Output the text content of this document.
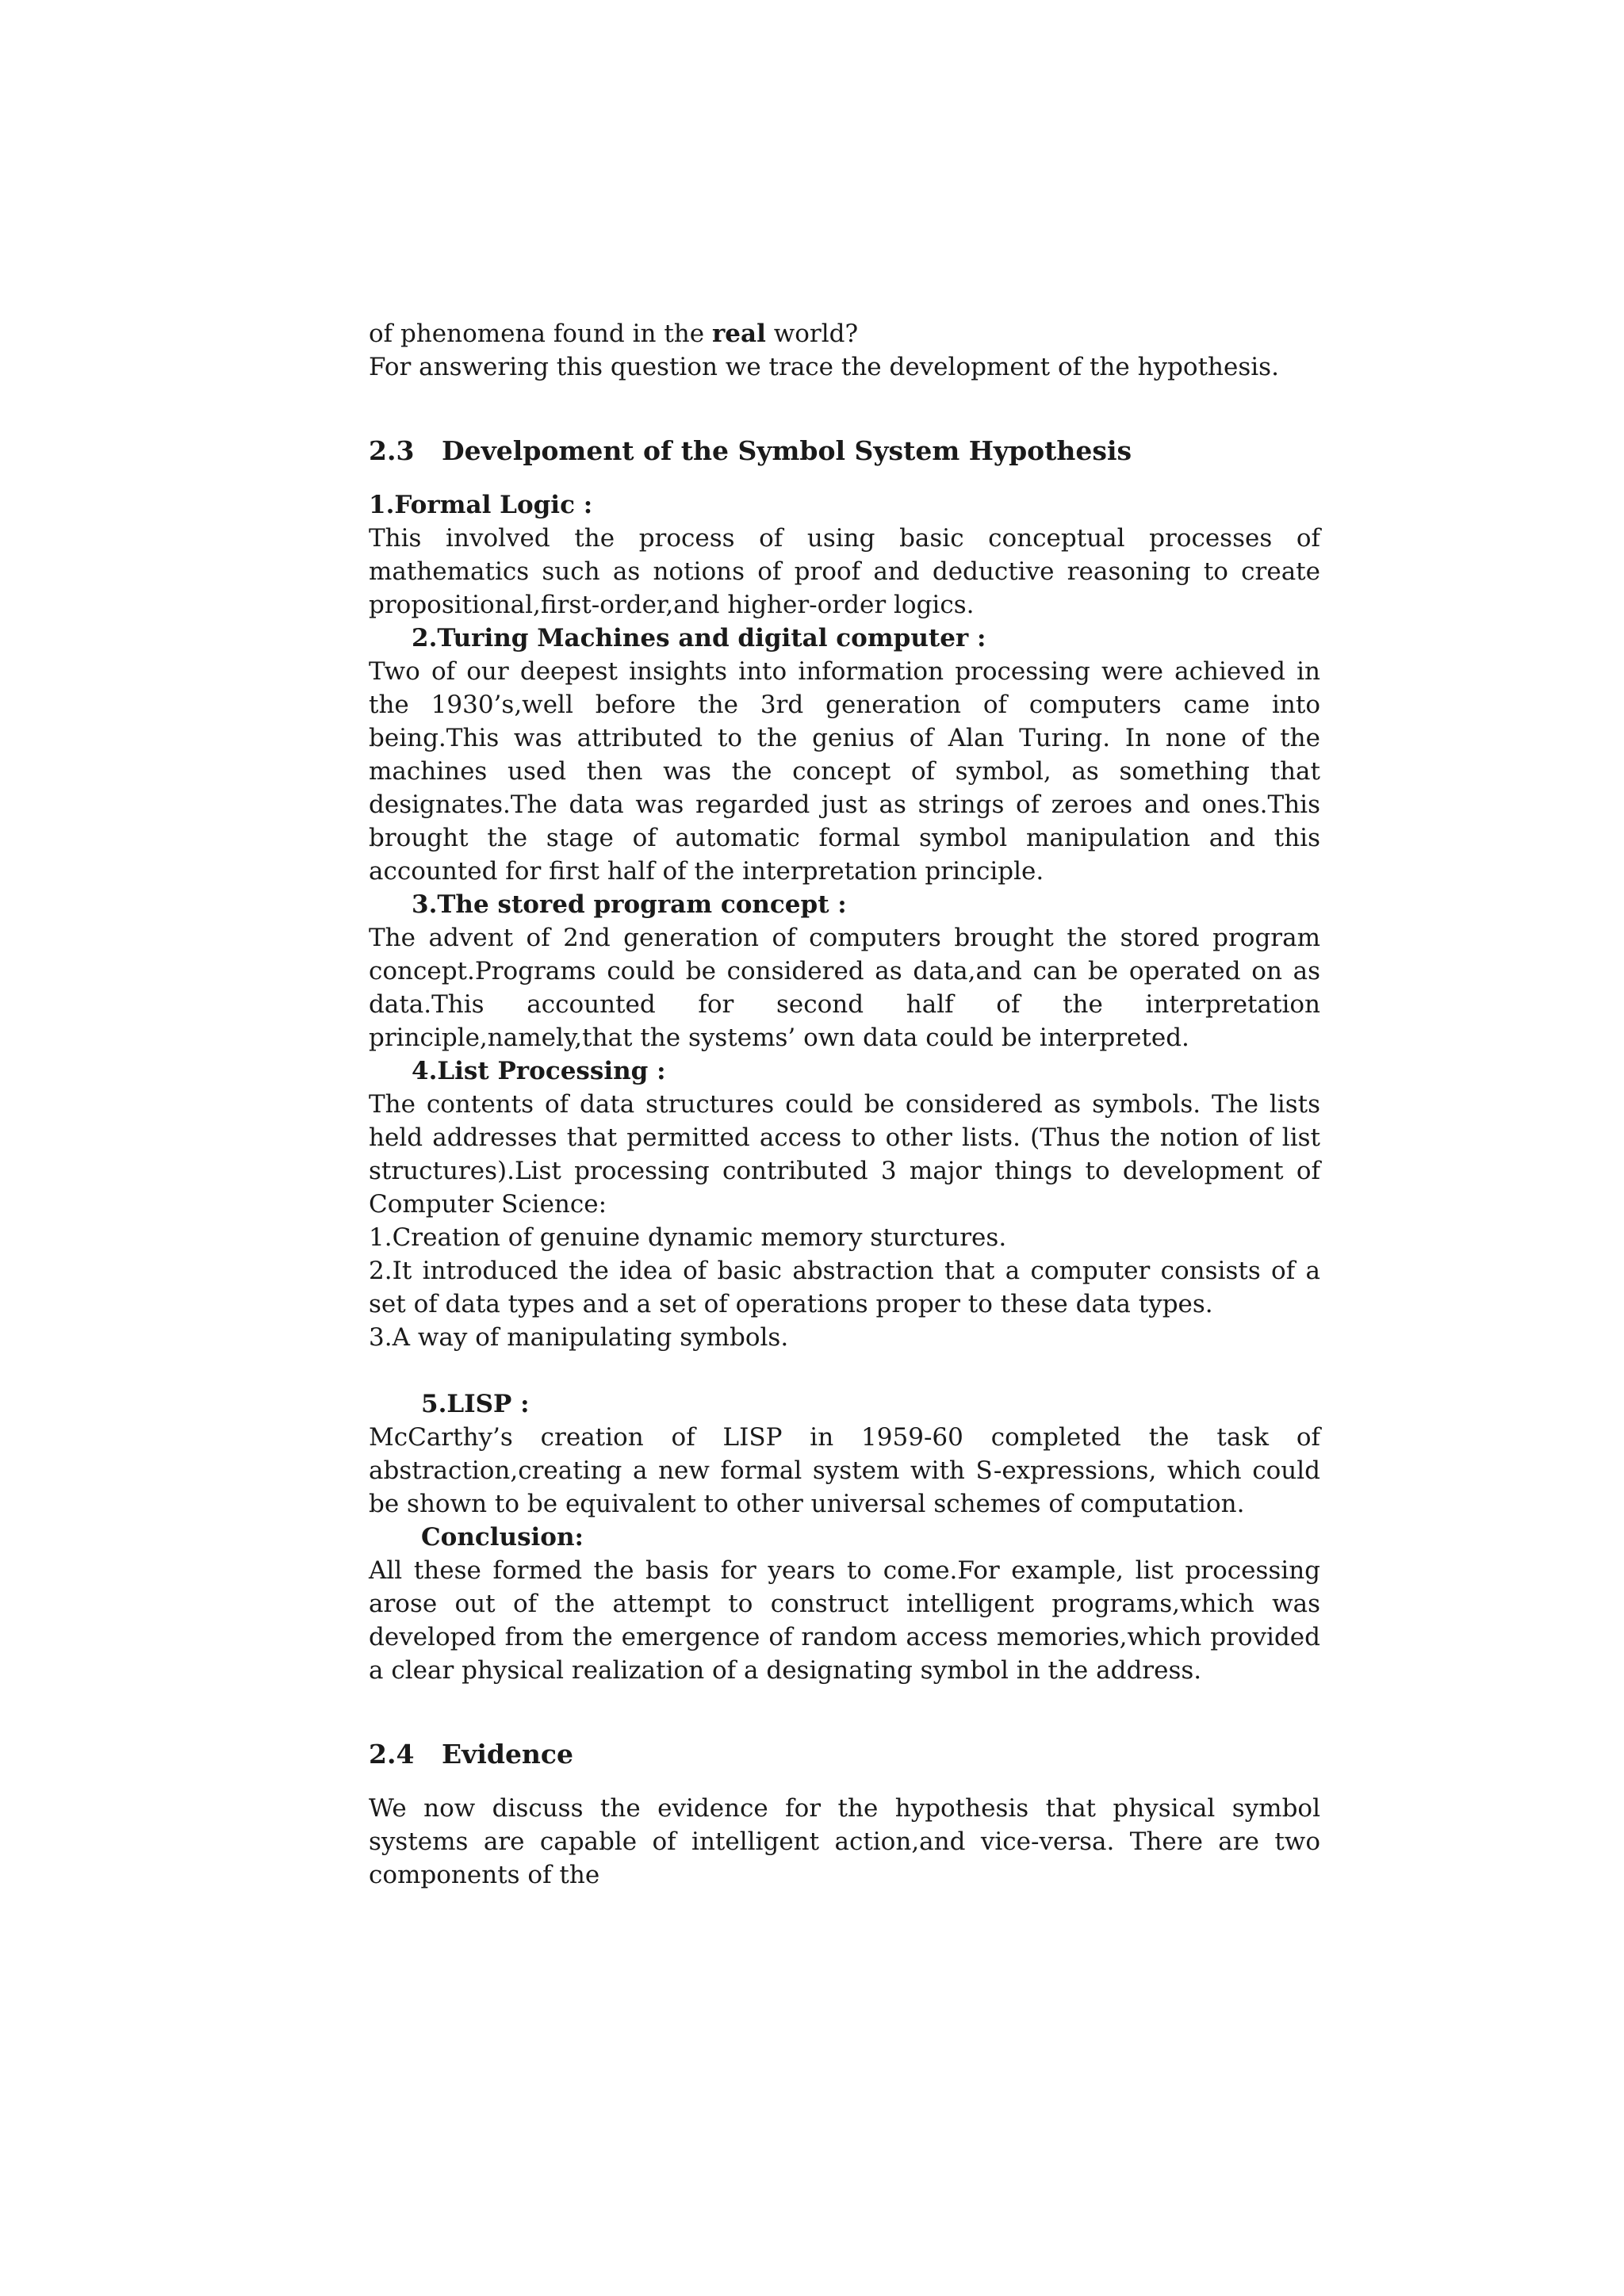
of phenomena found in the real world?

For answering this question we trace the development of the hypothesis.

2.3 Develpoment of the Symbol System Hypothesis
1.Formal Logic :

This involved the process of using basic conceptual processes of mathematics such as notions of proof and deductive reasoning to create propositional,first-order,and higher-order logics.

2.Turing Machines and digital computer :

Two of our deepest insights into information processing were achieved in the 1930’s,well before the 3rd generation of computers came into being.This was attributed to the genius of Alan Turing. In none of the machines used then was the concept of symbol, as something that designates.The data was regarded just as strings of zeroes and ones.This brought the stage of automatic formal symbol manipulation and this accounted for first half of the interpretation principle.

3.The stored program concept :

The advent of 2nd generation of computers brought the stored program concept.Programs could be considered as data,and can be operated on as data.This accounted for second half of the interpretation principle,namely,that the systems’ own data could be interpreted.

4.List Processing :

The contents of data structures could be considered as symbols. The lists held addresses that permitted access to other lists. (Thus the notion of list structures).List processing contributed 3 major things to development of Computer Science:

1.Creation of genuine dynamic memory sturctures.

2.It introduced the idea of basic abstraction that a computer consists of a set of data types and a set of operations proper to these data types.

3.A way of manipulating symbols.

5.LISP :

McCarthy’s creation of LISP in 1959-60 completed the task of abstraction,creating a new formal system with S-expressions, which could be shown to be equivalent to other universal schemes of computation.

Conclusion:

All these formed the basis for years to come.For example, list processing arose out of the attempt to construct intelligent programs,which was developed from the emergence of random access memories,which provided a clear physical realization of a designating symbol in the address.

2.4 Evidence

We now discuss the evidence for the hypothesis that physical symbol systems are capable of intelligent action,and vice-versa. There are two components of the
